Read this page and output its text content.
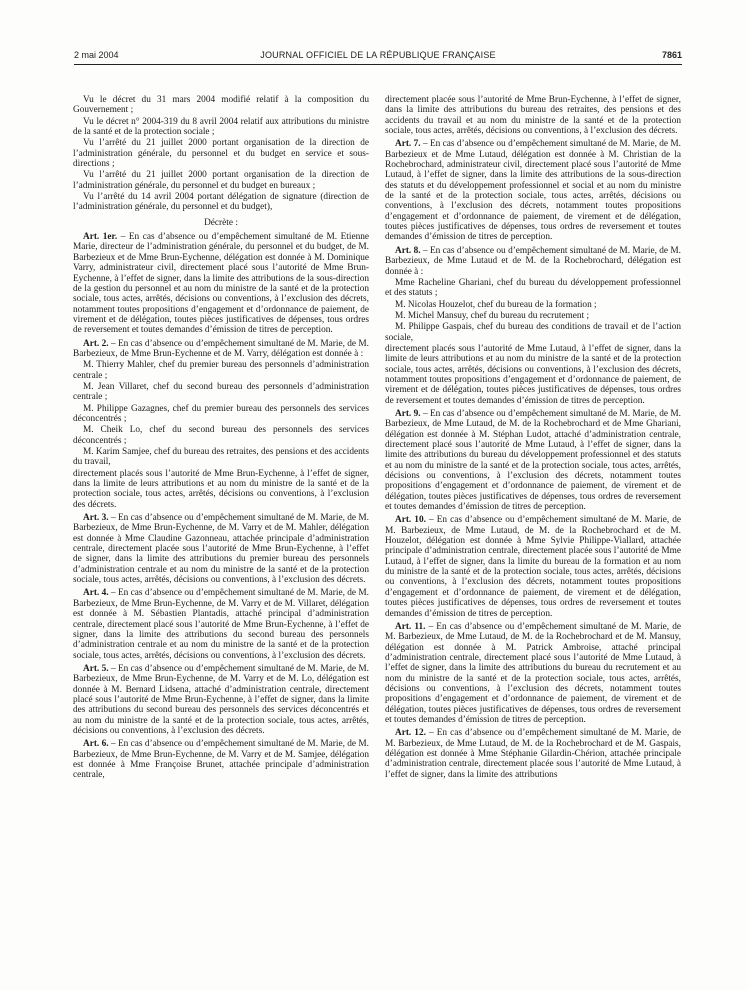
2 mai 2004	JOURNAL OFFICIEL DE LA RÉPUBLIQUE FRANÇAISE	7861

Vu le décret du 31 mars 2004 modifié relatif à la composition du Gouvernement ;

Vu le décret n° 2004-319 du 8 avril 2004 relatif aux attributions du ministre de la santé et de la protection sociale ;

Vu l’arrêté du 21 juillet 2000 portant organisation de la direction de l’administration générale, du personnel et du budget en service et sous-directions ;

Vu l’arrêté du 21 juillet 2000 portant organisation de la direction de l’administration générale, du personnel et du budget en bureaux ;

Vu l’arrêté du 14 avril 2004 portant délégation de signature (direction de l’administration générale, du personnel et du budget),

Décrète :

Art. 1er. – En cas d’absence ou d’empêchement simultané de M. Etienne Marie, directeur de l’administration générale, du personnel et du budget, de M. Barbezieux et de Mme Brun-Eychenne, délégation est donnée à M. Dominique Varry, administrateur civil, directement placé sous l’autorité de Mme Brun-Eychenne, à l’effet de signer, dans la limite des attributions de la sous-direction de la gestion du personnel et au nom du ministre de la santé et de la protection sociale, tous actes, arrêtés, décisions ou conventions, à l’exclusion des décrets, notamment toutes propositions d’engagement et d’ordonnance de paiement, de virement et de délégation, toutes pièces justificatives de dépenses, tous ordres de reversement et toutes demandes d’émission de titres de perception.

Art. 2. – En cas d’absence ou d’empêchement simultané de M. Marie, de M. Barbezieux, de Mme Brun-Eychenne et de M. Varry, délégation est donnée à :

M. Thierry Mahler, chef du premier bureau des personnels d’administration centrale ;

M. Jean Villaret, chef du second bureau des personnels d’administration centrale ;

M. Philippe Gazagnes, chef du premier bureau des personnels des services déconcentrés ;

M. Cheik Lo, chef du second bureau des personnels des services déconcentrés ;

M. Karim Samjee, chef du bureau des retraites, des pensions et des accidents du travail,

directement placés sous l’autorité de Mme Brun-Eychenne, à l’effet de signer, dans la limite de leurs attributions et au nom du ministre de la santé et de la protection sociale, tous actes, arrêtés, décisions ou conventions, à l’exclusion des décrets.

Art. 3. – En cas d’absence ou d’empêchement simultané de M. Marie, de M. Barbezieux, de Mme Brun-Eychenne, de M. Varry et de M. Mahler, délégation est donnée à Mme Claudine Gazonneau, attachée principale d’administration centrale, directement placée sous l’autorité de Mme Brun-Eychenne, à l’effet de signer, dans la limite des attributions du premier bureau des personnels d’administration centrale et au nom du ministre de la santé et de la protection sociale, tous actes, arrêtés, décisions ou conventions, à l’exclusion des décrets.

Art. 4. – En cas d’absence ou d’empêchement simultané de M. Marie, de M. Barbezieux, de Mme Brun-Eychenne, de M. Varry et de M. Villaret, délégation est donnée à M. Sébastien Plantadis, attaché principal d’administration centrale, directement placé sous l’autorité de Mme Brun-Eychenne, à l’effet de signer, dans la limite des attributions du second bureau des personnels d’administration centrale et au nom du ministre de la santé et de la protection sociale, tous actes, arrêtés, décisions ou conventions, à l’exclusion des décrets.

Art. 5. – En cas d’absence ou d’empêchement simultané de M. Marie, de M. Barbezieux, de Mme Brun-Eychenne, de M. Varry et de M. Lo, délégation est donnée à M. Bernard Lidsena, attaché d’administration centrale, directement placé sous l’autorité de Mme Brun-Eychenne, à l’effet de signer, dans la limite des attributions du second bureau des personnels des services déconcentrés et au nom du ministre de la santé et de la protection sociale, tous actes, arrêtés, décisions ou conventions, à l’exclusion des décrets.

Art. 6. – En cas d’absence ou d’empêchement simultané de M. Marie, de M. Barbezieux, de Mme Brun-Eychenne, de M. Varry et de M. Samjee, délégation est donnée à Mme Françoise Brunet, attachée principale d’administration centrale,

directement placée sous l’autorité de Mme Brun-Eychenne, à l’effet de signer, dans la limite des attributions du bureau des retraites, des pensions et des accidents du travail et au nom du ministre de la santé et de la protection sociale, tous actes, arrêtés, décisions ou conventions, à l’exclusion des décrets.

Art. 7. – En cas d’absence ou d’empêchement simultané de M. Marie, de M. Barbezieux et de Mme Lutaud, délégation est donnée à M. Christian de la Rochebrochard, administrateur civil, directement placé sous l’autorité de Mme Lutaud, à l’effet de signer, dans la limite des attributions de la sous-direction des statuts et du développement professionnel et social et au nom du ministre de la santé et de la protection sociale, tous actes, arrêtés, décisions ou conventions, à l’exclusion des décrets, notamment toutes propositions d’engagement et d’ordonnance de paiement, de virement et de délégation, toutes pièces justificatives de dépenses, tous ordres de reversement et toutes demandes d’émission de titres de perception.

Art. 8. – En cas d’absence ou d’empêchement simultané de M. Marie, de M. Barbezieux, de Mme Lutaud et de M. de la Rochebrochard, délégation est donnée à :

Mme Racheline Ghariani, chef du bureau du développement professionnel et des statuts ;

M. Nicolas Houzelot, chef du bureau de la formation ;

M. Michel Mansuy, chef du bureau du recrutement ;

M. Philippe Gaspais, chef du bureau des conditions de travail et de l’action sociale,

directement placés sous l’autorité de Mme Lutaud, à l’effet de signer, dans la limite de leurs attributions et au nom du ministre de la santé et de la protection sociale, tous actes, arrêtés, décisions ou conventions, à l’exclusion des décrets, notamment toutes propositions d’engagement et d’ordonnance de paiement, de virement et de délégation, toutes pièces justificatives de dépenses, tous ordres de reversement et toutes demandes d’émission de titres de perception.

Art. 9. – En cas d’absence ou d’empêchement simultané de M. Marie, de M. Barbezieux, de Mme Lutaud, de M. de la Rochebrochard et de Mme Ghariani, délégation est donnée à M. Stéphan Ludot, attaché d’administration centrale, directement placé sous l’autorité de Mme Lutaud, à l’effet de signer, dans la limite des attributions du bureau du développement professionnel et des statuts et au nom du ministre de la santé et de la protection sociale, tous actes, arrêtés, décisions ou conventions, à l’exclusion des décrets, notamment toutes propositions d’engagement et d’ordonnance de paiement, de virement et de délégation, toutes pièces justificatives de dépenses, tous ordres de reversement et toutes demandes d’émission de titres de perception.

Art. 10. – En cas d’absence ou d’empêchement simultané de M. Marie, de M. Barbezieux, de Mme Lutaud, de M. de la Rochebrochard et de M. Houzelot, délégation est donnée à Mme Sylvie Philippe-Viallard, attachée principale d’administration centrale, directement placée sous l’autorité de Mme Lutaud, à l’effet de signer, dans la limite du bureau de la formation et au nom du ministre de la santé et de la protection sociale, tous actes, arrêtés, décisions ou conventions, à l’exclusion des décrets, notamment toutes propositions d’engagement et d’ordonnance de paiement, de virement et de délégation, toutes pièces justificatives de dépenses, tous ordres de reversement et toutes demandes d’émission de titres de perception.

Art. 11. – En cas d’absence ou d’empêchement simultané de M. Marie, de M. Barbezieux, de Mme Lutaud, de M. de la Rochebrochard et de M. Mansuy, délégation est donnée à M. Patrick Ambroise, attaché principal d’administration centrale, directement placé sous l’autorité de Mme Lutaud, à l’effet de signer, dans la limite des attributions du bureau du recrutement et au nom du ministre de la santé et de la protection sociale, tous actes, arrêtés, décisions ou conventions, à l’exclusion des décrets, notamment toutes propositions d’engagement et d’ordonnance de paiement, de virement et de délégation, toutes pièces justificatives de dépenses, tous ordres de reversement et toutes demandes d’émission de titres de perception.

Art. 12. – En cas d’absence ou d’empêchement simultané de M. Marie, de M. Barbezieux, de Mme Lutaud, de M. de la Rochebrochard et de M. Gaspais, délégation est donnée à Mme Stéphanie Gilardin-Chérion, attachée principale d’administration centrale, directement placée sous l’autorité de Mme Lutaud, à l’effet de signer, dans la limite des attributions
